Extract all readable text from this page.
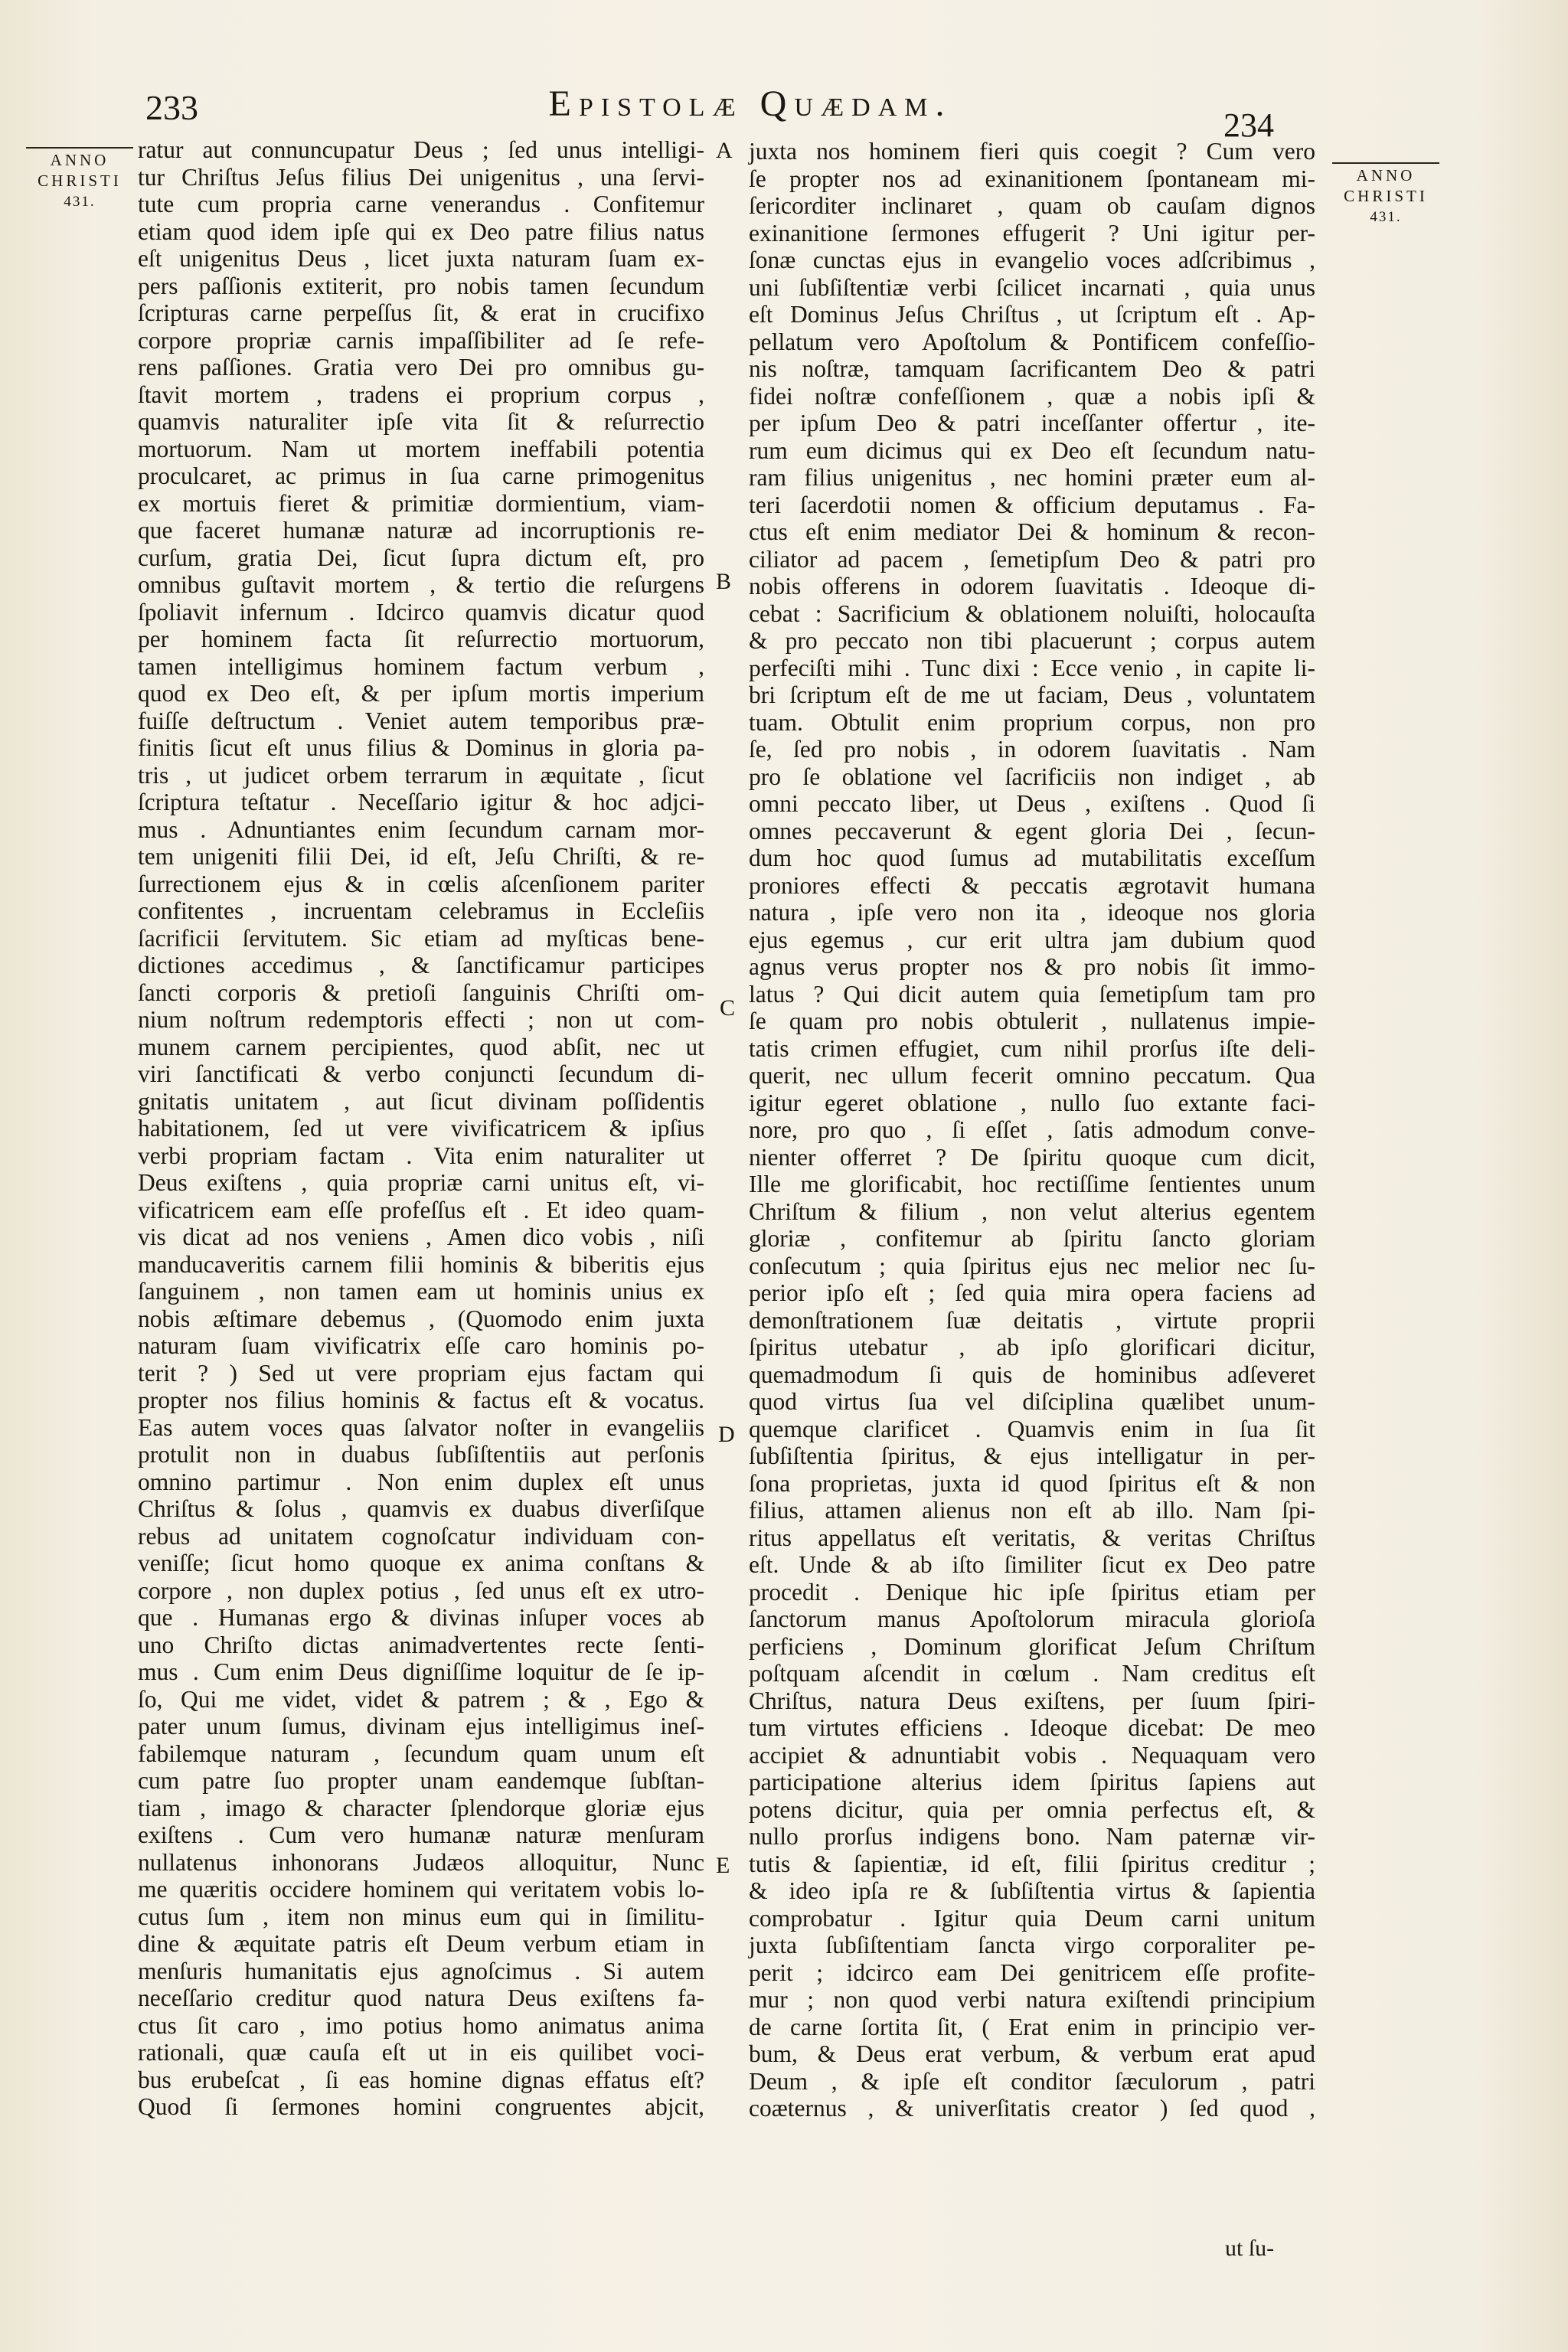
233	Epistolæ Quædam.
234
ANNO
CHRISTI
431.
ANNO
CHRISTI
431.
A
B
C
D
E
ratur aut connuncupatur Deus ; ſed unus intelligi-
tur Chriſtus Jeſus filius Dei unigenitus , una ſervi-
tute cum propria carne venerandus . Confitemur
etiam quod idem ipſe qui ex Deo patre filius natus
eſt unigenitus Deus , licet juxta naturam ſuam ex-
pers paſſionis extiterit, pro nobis tamen ſecundum
ſcripturas carne perpeſſus ſit, & erat in crucifixo
corpore propriæ carnis impaſſibiliter ad ſe refe-
rens paſſiones. Gratia vero Dei pro omnibus gu-
ſtavit mortem , tradens ei proprium corpus ,
quamvis naturaliter ipſe vita ſit & reſurrectio
mortuorum. Nam ut mortem ineffabili potentia
proculcaret, ac primus in ſua carne primogenitus
ex mortuis fieret & primitiæ dormientium, viam-
que faceret humanæ naturæ ad incorruptionis re-
curſum, gratia Dei, ſicut ſupra dictum eſt, pro
omnibus guſtavit mortem , & tertio die reſurgens
ſpoliavit infernum . Idcirco quamvis dicatur quod
per hominem facta ſit reſurrectio mortuorum,
tamen intelligimus hominem factum verbum ,
quod ex Deo eſt, & per ipſum mortis imperium
fuiſſe deſtructum . Veniet autem temporibus præ-
finitis ſicut eſt unus filius & Dominus in gloria pa-
tris , ut judicet orbem terrarum in æquitate , ſicut
ſcriptura teſtatur . Neceſſario igitur & hoc adjci-
mus . Adnuntiantes enim ſecundum carnam mor-
tem unigeniti filii Dei, id eſt, Jeſu Chriſti, & re-
ſurrectionem ejus & in cœlis aſcenſionem pariter
confitentes , incruentam celebramus in Eccleſiis
ſacrificii ſervitutem. Sic etiam ad myſticas bene-
dictiones accedimus , & ſanctificamur participes
ſancti corporis & pretioſi ſanguinis Chriſti om-
nium noſtrum redemptoris effecti ; non ut com-
munem carnem percipientes, quod abſit, nec ut
viri ſanctificati & verbo conjuncti ſecundum di-
gnitatis unitatem , aut ſicut divinam poſſidentis
habitationem, ſed ut vere vivificatricem & ipſius
verbi propriam factam . Vita enim naturaliter ut
Deus exiſtens , quia propriæ carni unitus eſt, vi-
vificatricem eam eſſe profeſſus eſt . Et ideo quam-
vis dicat ad nos veniens , Amen dico vobis , niſi
manducaveritis carnem filii hominis & biberitis ejus
ſanguinem , non tamen eam ut hominis unius ex
nobis æſtimare debemus , (Quomodo enim juxta
naturam ſuam vivificatrix eſſe caro hominis po-
terit ? ) Sed ut vere propriam ejus factam qui
propter nos filius hominis & factus eſt & vocatus.
Eas autem voces quas ſalvator noſter in evangeliis
protulit non in duabus ſubſiſtentiis aut perſonis
omnino partimur . Non enim duplex eſt unus
Chriſtus & ſolus , quamvis ex duabus diverſiſque
rebus ad unitatem cognoſcatur individuam con-
veniſſe; ſicut homo quoque ex anima conſtans &
corpore , non duplex potius , ſed unus eſt ex utro-
que . Humanas ergo & divinas inſuper voces ab
uno Chriſto dictas animadvertentes recte ſenti-
mus . Cum enim Deus digniſſime loquitur de ſe ip-
ſo, Qui me videt, videt & patrem ; & , Ego &
pater unum ſumus, divinam ejus intelligimus ineſ-
fabilemque naturam , ſecundum quam unum eſt
cum patre ſuo propter unam eandemque ſubſtan-
tiam , imago & character ſplendorque gloriæ ejus
exiſtens . Cum vero humanæ naturæ menſuram
nullatenus inhonorans Judæos alloquitur, Nunc
me quæritis occidere hominem qui veritatem vobis lo-
cutus ſum , item non minus eum qui in ſimilitu-
dine & æquitate patris eſt Deum verbum etiam in
menſuris humanitatis ejus agnoſcimus . Si autem
neceſſario creditur quod natura Deus exiſtens fa-
ctus ſit caro , imo potius homo animatus anima
rationali, quæ cauſa eſt ut in eis quilibet voci-
bus erubeſcat , ſi eas homine dignas effatus eſt?
Quod ſi ſermones homini congruentes abjcit,
juxta nos hominem fieri quis coegit ? Cum vero
ſe propter nos ad exinanitionem ſpontaneam mi-
ſericorditer inclinaret , quam ob cauſam dignos
exinanitione ſermones effugerit ? Uni igitur per-
ſonæ cunctas ejus in evangelio voces adſcribimus ,
uni ſubſiſtentiæ verbi ſcilicet incarnati , quia unus
eſt Dominus Jeſus Chriſtus , ut ſcriptum eſt . Ap-
pellatum vero Apoſtolum & Pontificem confeſſio-
nis noſtræ, tamquam ſacrificantem Deo & patri
fidei noſtræ confeſſionem , quæ a nobis ipſi &
per ipſum Deo & patri inceſſanter offertur , ite-
rum eum dicimus qui ex Deo eſt ſecundum natu-
ram filius unigenitus , nec homini præter eum al-
teri ſacerdotii nomen & officium deputamus . Fa-
ctus eſt enim mediator Dei & hominum & recon-
ciliator ad pacem , ſemetipſum Deo & patri pro
nobis offerens in odorem ſuavitatis . Ideoque di-
cebat : Sacrificium & oblationem noluiſti, holocauſta
& pro peccato non tibi placuerunt ; corpus autem
perfeciſti mihi . Tunc dixi : Ecce venio , in capite li-
bri ſcriptum eſt de me ut faciam, Deus , voluntatem
tuam. Obtulit enim proprium corpus, non pro
ſe, ſed pro nobis , in odorem ſuavitatis . Nam
pro ſe oblatione vel ſacrificiis non indiget , ab
omni peccato liber, ut Deus , exiſtens . Quod ſi
omnes peccaverunt & egent gloria Dei , ſecun-
dum hoc quod ſumus ad mutabilitatis exceſſum
proniores effecti & peccatis ægrotavit humana
natura , ipſe vero non ita , ideoque nos gloria
ejus egemus , cur erit ultra jam dubium quod
agnus verus propter nos & pro nobis ſit immo-
latus ? Qui dicit autem quia ſemetipſum tam pro
ſe quam pro nobis obtulerit , nullatenus impie-
tatis crimen effugiet, cum nihil prorſus iſte deli-
querit, nec ullum fecerit omnino peccatum. Qua
igitur egeret oblatione , nullo ſuo extante faci-
nore, pro quo , ſi eſſet , ſatis admodum conve-
nienter offerret ? De ſpiritu quoque cum dicit,
Ille me glorificabit, hoc rectiſſime ſentientes unum
Chriſtum & filium , non velut alterius egentem
gloriæ , confitemur ab ſpiritu ſancto gloriam
conſecutum ; quia ſpiritus ejus nec melior nec ſu-
perior ipſo eſt ; ſed quia mira opera faciens ad
demonſtrationem ſuæ deitatis , virtute proprii
ſpiritus utebatur , ab ipſo glorificari dicitur,
quemadmodum ſi quis de hominibus adſeveret
quod virtus ſua vel diſciplina quælibet unum-
quemque clarificet . Quamvis enim in ſua ſit
ſubſiſtentia ſpiritus, & ejus intelligatur in per-
ſona proprietas, juxta id quod ſpiritus eſt & non
filius, attamen alienus non eſt ab illo. Nam ſpi-
ritus appellatus eſt veritatis, & veritas Chriſtus
eſt. Unde & ab iſto ſimiliter ſicut ex Deo patre
procedit . Denique hic ipſe ſpiritus etiam per
ſanctorum manus Apoſtolorum miracula glorioſa
perficiens , Dominum glorificat Jeſum Chriſtum
poſtquam aſcendit in cœlum . Nam creditus eſt
Chriſtus, natura Deus exiſtens, per ſuum ſpiri-
tum virtutes efficiens . Ideoque dicebat: De meo
accipiet & adnuntiabit vobis . Nequaquam vero
participatione alterius idem ſpiritus ſapiens aut
potens dicitur, quia per omnia perfectus eſt, &
nullo prorſus indigens bono. Nam paternæ vir-
tutis & ſapientiæ, id eſt, filii ſpiritus creditur ;
& ideo ipſa re & ſubſiſtentia virtus & ſapientia
comprobatur . Igitur quia Deum carni unitum
juxta ſubſiſtentiam ſancta virgo corporaliter pe-
perit ; idcirco eam Dei genitricem eſſe profite-
mur ; non quod verbi natura exiſtendi principium
de carne ſortita ſit, ( Erat enim in principio ver-
bum, & Deus erat verbum, & verbum erat apud
Deum , & ipſe eſt conditor ſæculorum , patri
coæternus , & univerſitatis creator ) ſed quod ,
ut ſu-
